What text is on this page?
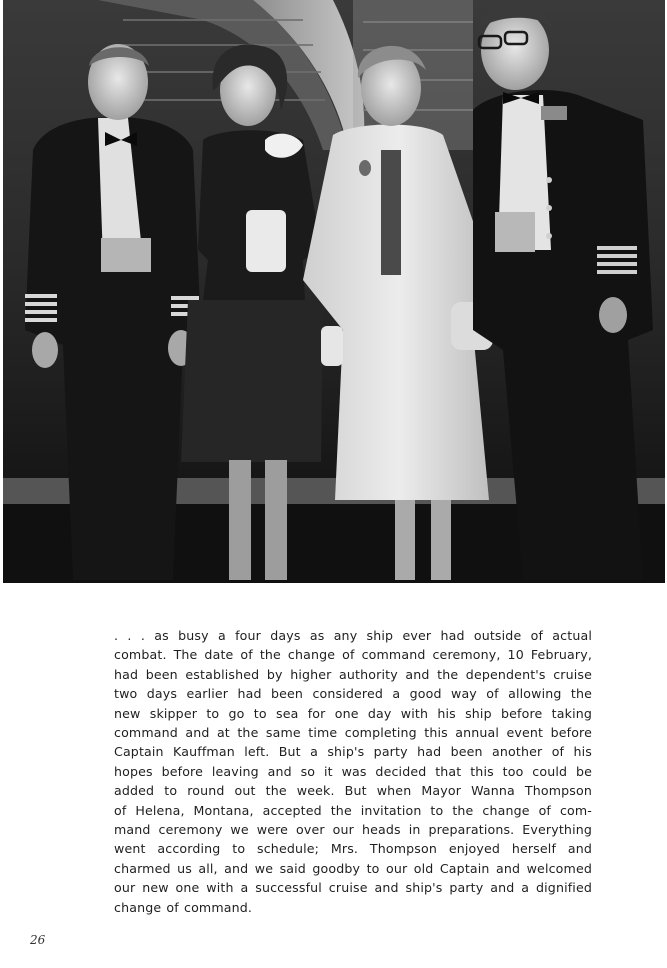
. . . as busy a four days as any ship ever had outside of actual
combat. The date of the change of command ceremony, 10 February,
had been established by higher authority and the dependent's cruise
two days earlier had been considered a good way of allowing the
new skipper to go to sea for one day with his ship before taking
command and at the same time completing this annual event before
Captain Kauffman left. But a ship's party had been another of his
hopes before leaving and so it was decided that this too could be
added to round out the week. But when Mayor Wanna Thompson
of Helena, Montana, accepted the invitation to the change of com-
mand ceremony we were over our heads in preparations. Everything
went according to schedule; Mrs. Thompson enjoyed herself and
charmed us all, and we said goodby to our old Captain and welcomed
our new one with a successful cruise and ship's party and a dignified
change of command.
26
